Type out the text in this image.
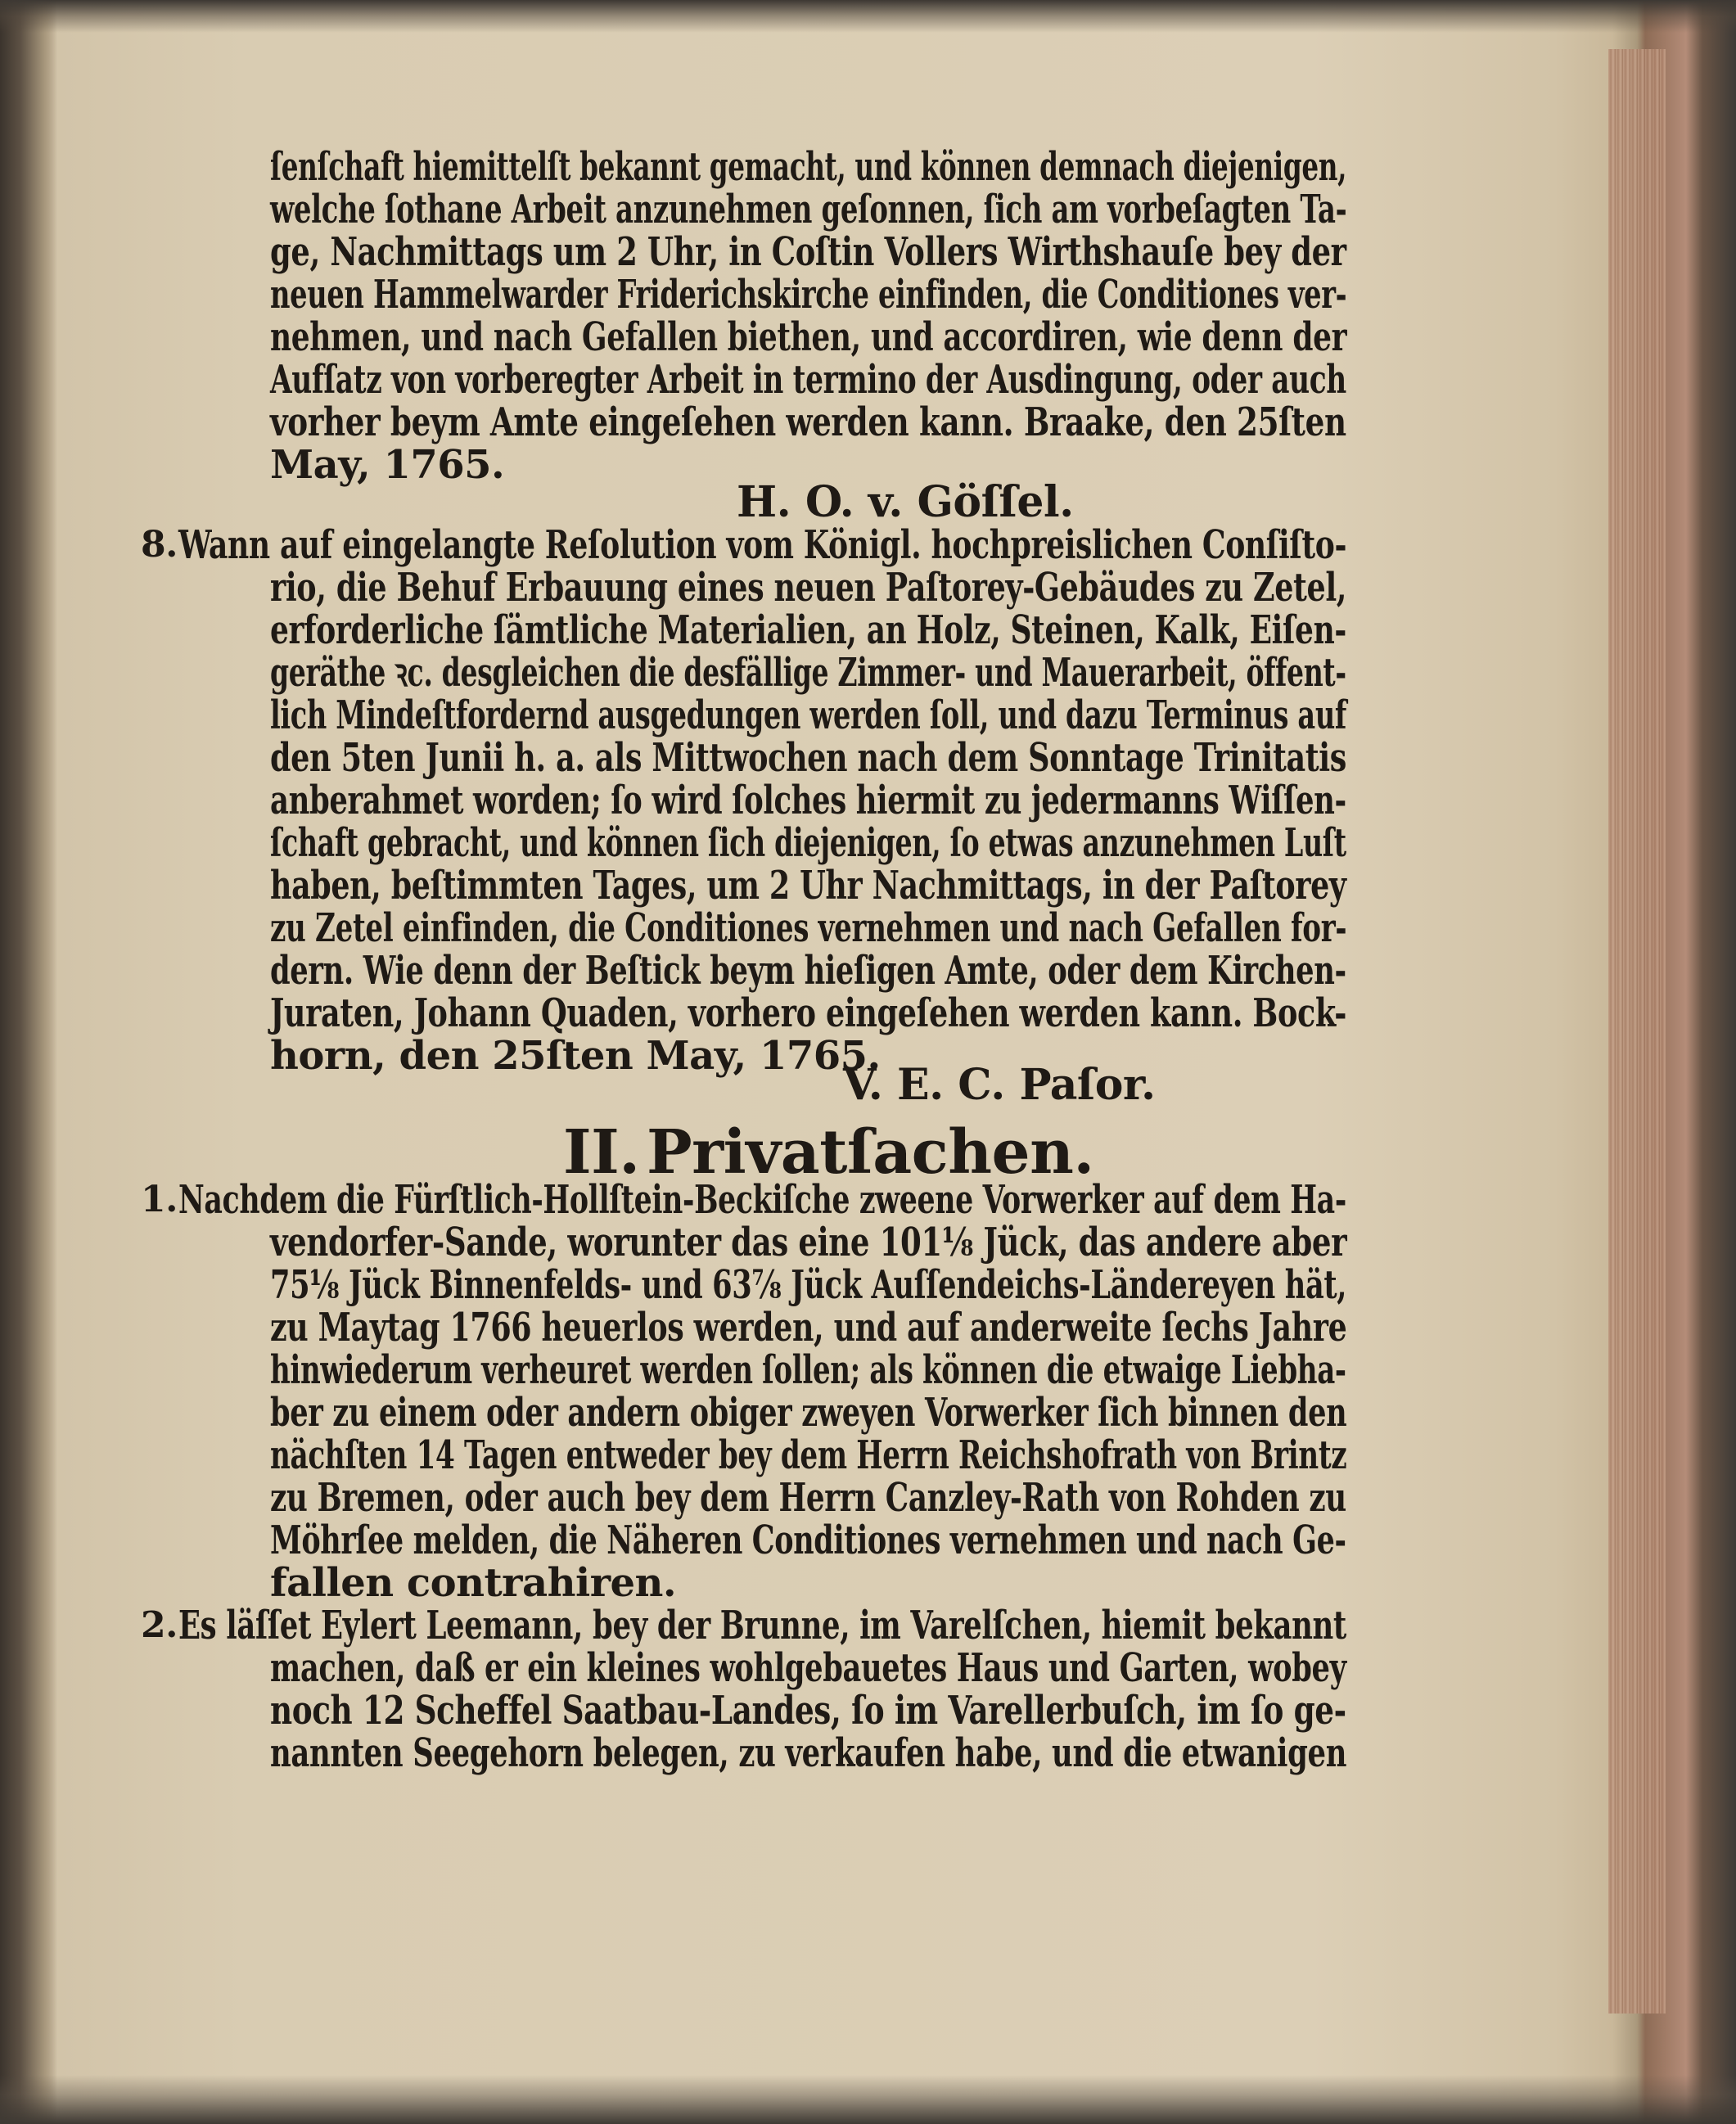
ſenſchaft hiemittelſt bekannt gemacht, und können demnach diejenigen,
welche ſothane Arbeit anzunehmen geſonnen, ſich am vorbeſagten Ta-
ge, Nachmittags um 2 Uhr, in Coſtin Vollers Wirthshauſe bey der
neuen Hammelwarder Friderichskirche einfinden, die Conditiones ver-
nehmen, und nach Gefallen biethen, und accordiren, wie denn der
Aufſatz von vorberegter Arbeit in termino der Ausdingung, oder auch
vorher beym Amte eingeſehen werden kann. Braake, den 25ſten
May, 1765.
H. O. v. Göſſel.
8. Wann auf eingelangte Reſolution vom Königl. hochpreislichen Conſiſto-
rio, die Behuf Erbauung eines neuen Paſtorey-Gebäudes zu Zetel,
erforderliche ſämtliche Materialien, an Holz, Steinen, Kalk, Eiſen-
geräthe ꝛc. desgleichen die desfällige Zimmer- und Mauerarbeit, öffent-
lich Mindeſtfordernd ausgedungen werden ſoll, und dazu Terminus auf
den 5ten Junii h. a. als Mittwochen nach dem Sonntage Trinitatis
anberahmet worden; ſo wird ſolches hiermit zu jedermanns Wiſſen-
ſchaft gebracht, und können ſich diejenigen, ſo etwas anzunehmen Luſt
haben, beſtimmten Tages, um 2 Uhr Nachmittags, in der Paſtorey
zu Zetel einfinden, die Conditiones vernehmen und nach Gefallen for-
dern. Wie denn der Beſtick beym hieſigen Amte, oder dem Kirchen-
Juraten, Johann Quaden, vorhero eingeſehen werden kann. Bock-
horn, den 25ſten May, 1765.
V. E. C. Paſor.
II. Privatſachen.
1. Nachdem die Fürſtlich-Hollſtein-Beckiſche zweene Vorwerker auf dem Ha-
vendorfer-Sande, worunter das eine 101⅛ Jück, das andere aber
75⅛ Jück Binnenfelds- und 63⅞ Jück Auſſendeichs-Ländereyen hät,
zu Maytag 1766 heuerlos werden, und auf anderweite ſechs Jahre
hinwiederum verheuret werden ſollen; als können die etwaige Liebha-
ber zu einem oder andern obiger zweyen Vorwerker ſich binnen den
nächſten 14 Tagen entweder bey dem Herrn Reichshofrath von Brintz
zu Bremen, oder auch bey dem Herrn Canzley-Rath von Rohden zu
Möhrſee melden, die Näheren Conditiones vernehmen und nach Ge-
fallen contrahiren.
2. Es läſſet Eylert Leemann, bey der Brunne, im Varelſchen, hiemit bekannt
machen, daß er ein kleines wohlgebauetes Haus und Garten, wobey
noch 12 Scheffel Saatbau-Landes, ſo im Varellerbuſch, im ſo ge-
nannten Seegehorn belegen, zu verkaufen habe, und die etwanigen
